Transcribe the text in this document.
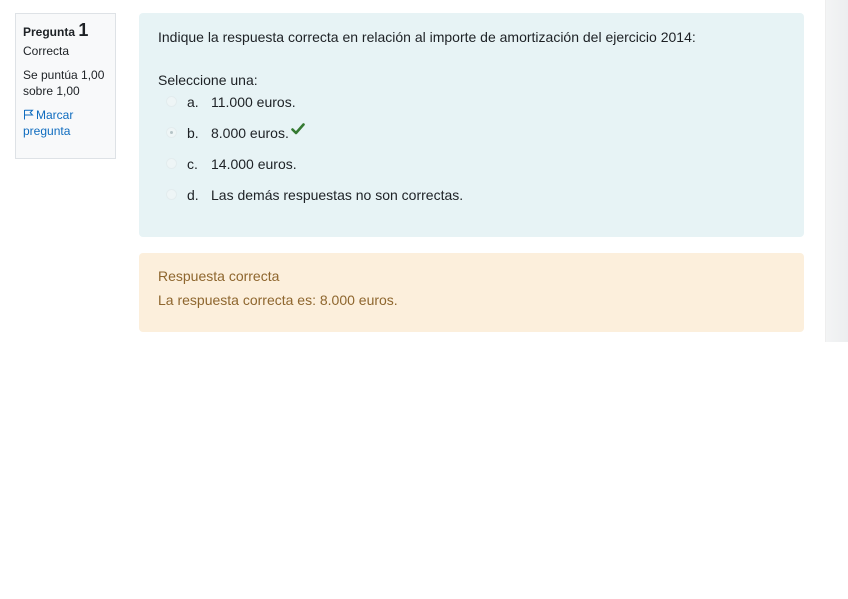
Pregunta 1
Correcta
Se puntúa 1,00 sobre 1,00
Marcar pregunta
Indique la respuesta correcta en relación al importe de amortización del ejercicio 2014:
Seleccione una:
a. 11.000 euros.
b. 8.000 euros.
c. 14.000 euros.
d. Las demás respuestas no son correctas.
Respuesta correcta
La respuesta correcta es: 8.000 euros.
